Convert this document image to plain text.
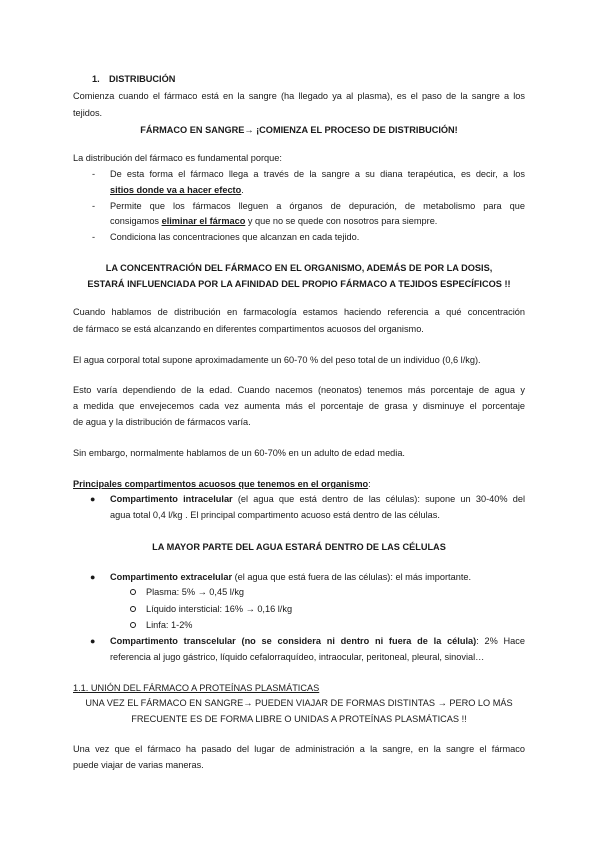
1. DISTRIBUCIÓN
Comienza cuando el fármaco está en la sangre (ha llegado ya al plasma), es el paso de la sangre a los
tejidos.
FÁRMACO EN SANGRE→ ¡COMIENZA EL PROCESO DE DISTRIBUCIÓN!
La distribución del fármaco es fundamental porque:
- De esta forma el fármaco llega a través de la sangre a su diana terapéutica, es decir, a los
sitios donde va a hacer efecto.
- Permite que los fármacos lleguen a órganos de depuración, de metabolismo para que
consigamos eliminar el fármaco y que no se quede con nosotros para siempre.
- Condiciona las concentraciones que alcanzan en cada tejido.
LA CONCENTRACIÓN DEL FÁRMACO EN EL ORGANISMO, ADEMÁS DE POR LA DOSIS,
ESTARÁ INFLUENCIADA POR LA AFINIDAD DEL PROPIO FÁRMACO A TEJIDOS ESPECÍFICOS !!
Cuando hablamos de distribución en farmacología estamos haciendo referencia a qué concentración
de fármaco se está alcanzando en diferentes compartimentos acuosos del organismo.
El agua corporal total supone aproximadamente un 60-70 % del peso total de un individuo (0,6 l/kg).
Esto varía dependiendo de la edad. Cuando nacemos (neonatos) tenemos más porcentaje de agua y
a medida que envejecemos cada vez aumenta más el porcentaje de grasa y disminuye el porcentaje
de agua y la distribución de fármacos varía.
Sin embargo, normalmente hablamos de un 60-70% en un adulto de edad media.
Principales compartimentos acuosos que tenemos en el organismo:
● Compartimento intracelular (el agua que está dentro de las células): supone un 30-40% del
agua total 0,4 l/kg . El principal compartimento acuoso está dentro de las células.
LA MAYOR PARTE DEL AGUA ESTARÁ DENTRO DE LAS CÉLULAS
● Compartimento extracelular (el agua que está fuera de las células): el más importante.
Plasma: 5% → 0,45 l/kg
Líquido intersticial: 16% → 0,16 l/kg
Linfa: 1-2%
● Compartimento transcelular (no se considera ni dentro ni fuera de la célula): 2% Hace
referencia al jugo gástrico, líquido cefalorraquídeo, intraocular, peritoneal, pleural, sinovial…
1.1. UNIÓN DEL FÁRMACO A PROTEÍNAS PLASMÁTICAS
UNA VEZ EL FÁRMACO EN SANGRE→ PUEDEN VIAJAR DE FORMAS DISTINTAS → PERO LO MÁS
FRECUENTE ES DE FORMA LIBRE O UNIDAS A PROTEÍNAS PLASMÁTICAS !!
Una vez que el fármaco ha pasado del lugar de administración a la sangre, en la sangre el fármaco
puede viajar de varias maneras.
